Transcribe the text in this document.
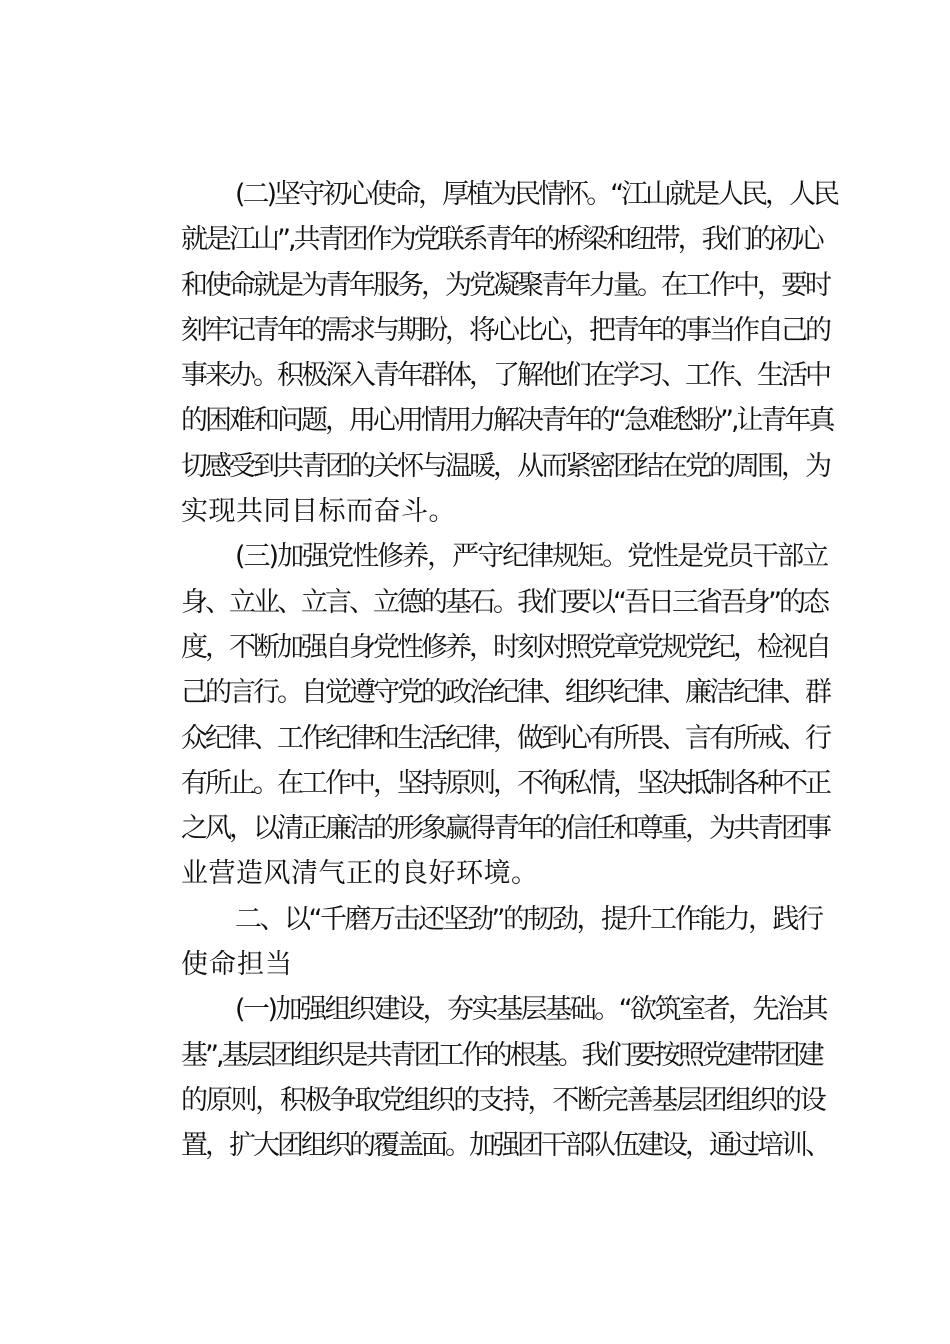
(二)坚守初心使命，厚植为民情怀。“江山就是人民，人民
就是江山”,共青团作为党联系青年的桥梁和纽带，我们的初心
和使命就是为青年服务，为党凝聚青年力量。在工作中，要时
刻牢记青年的需求与期盼，将心比心，把青年的事当作自己的
事来办。积极深入青年群体，了解他们在学习、工作、生活中
的困难和问题，用心用情用力解决青年的“急难愁盼”,让青年真
切感受到共青团的关怀与温暖，从而紧密团结在党的周围，为
实现共同目标而奋斗。
(三)加强党性修养，严守纪律规矩。党性是党员干部立
身、立业、立言、立德的基石。我们要以“吾日三省吾身”的态
度，不断加强自身党性修养，时刻对照党章党规党纪，检视自
己的言行。自觉遵守党的政治纪律、组织纪律、廉洁纪律、群
众纪律、工作纪律和生活纪律，做到心有所畏、言有所戒、行
有所止。在工作中，坚持原则，不徇私情，坚决抵制各种不正
之风，以清正廉洁的形象赢得青年的信任和尊重，为共青团事
业营造风清气正的良好环境。
二、以“千磨万击还坚劲”的韧劲，提升工作能力，践行
使命担当
(一)加强组织建设，夯实基层基础。“欲筑室者，先治其
基”,基层团组织是共青团工作的根基。我们要按照党建带团建
的原则，积极争取党组织的支持，不断完善基层团组织的设
置，扩大团组织的覆盖面。加强团干部队伍建设，通过培训、
